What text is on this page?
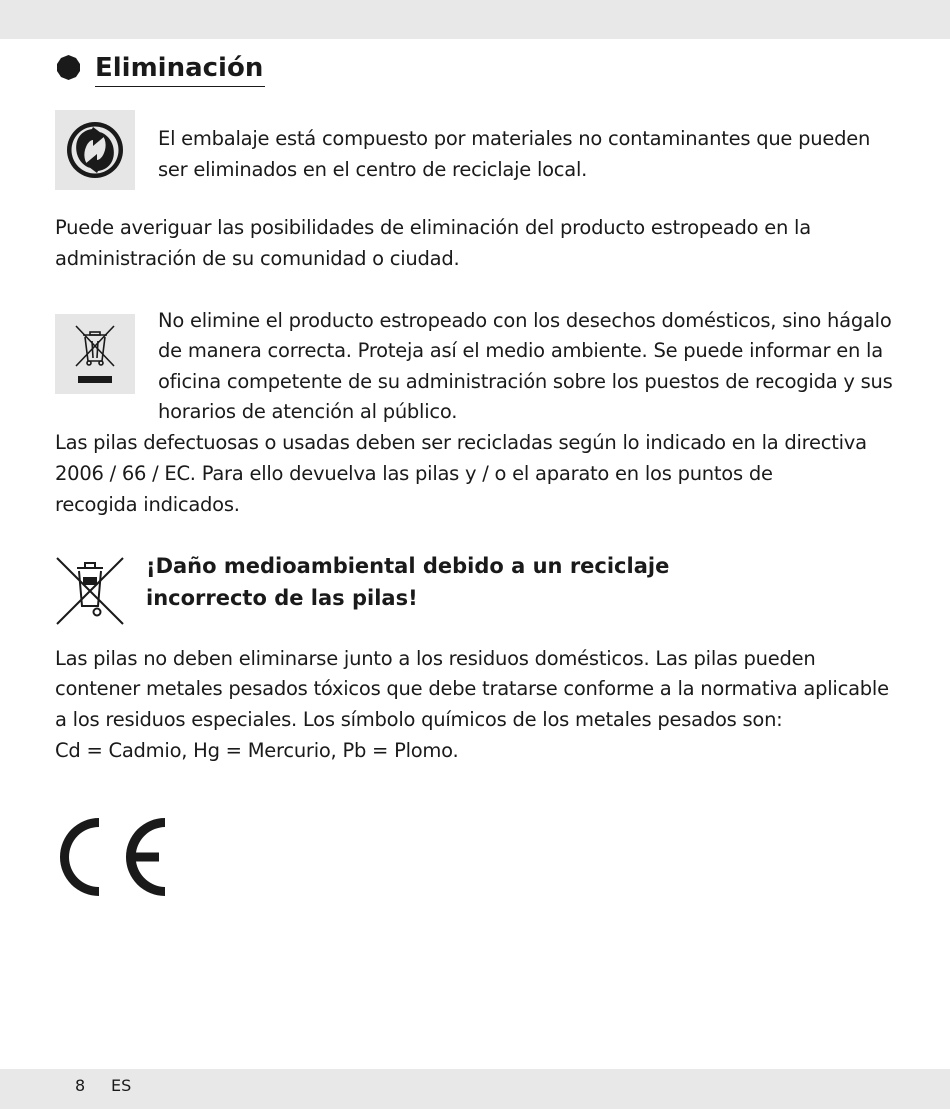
Eliminación
El embalaje está compuesto por materiales no contaminantes que pueden
ser eliminados en el centro de reciclaje local.
Puede averiguar las posibilidades de eliminación del producto estropeado en la
administración de su comunidad o ciudad.
No elimine el producto estropeado con los desechos domésticos, sino hágalo
de manera correcta. Proteja así el medio ambiente. Se puede informar en la
oficina competente de su administración sobre los puestos de recogida y sus
horarios de atención al público.
Las pilas defectuosas o usadas deben ser recicladas según lo indicado en la directiva
2006 / 66 / EC. Para ello devuelva las pilas y / o el aparato en los puntos de
recogida indicados.
¡Daño medioambiental debido a un reciclaje
incorrecto de las pilas!
Las pilas no deben eliminarse junto a los residuos domésticos. Las pilas pueden
contener metales pesados tóxicos que debe tratarse conforme a la normativa aplicable
a los residuos especiales. Los símbolo químicos de los metales pesados son:
Cd = Cadmio, Hg = Mercurio, Pb = Plomo.
8 ES
